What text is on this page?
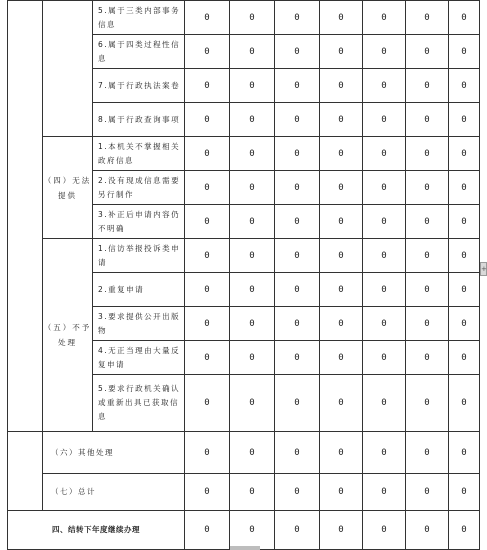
		5.属于三类内部事务信息	0	0	0	0	0	0	0
		6.属于四类过程性信息	0	0	0	0	0	0	0
		7.属于行政执法案卷	0	0	0	0	0	0	0
		8.属于行政查询事项	0	0	0	0	0	0	0
	（四）无法提供	1.本机关不掌握相关政府信息	0	0	0	0	0	0	0
		2.没有现成信息需要另行制作	0	0	0	0	0	0	0
		3.补正后申请内容仍不明确	0	0	0	0	0	0	0
	（五）不予处理	1.信访举报投诉类申请	0	0	0	0	0	0	0
		2.重复申请	0	0	0	0	0	0	0
		3.要求提供公开出版物	0	0	0	0	0	0	0
		4.无正当理由大量反复申请	0	0	0	0	0	0	0
		5.要求行政机关确认或重新出具已获取信息	0	0	0	0	0	0	0
	（六）其他处理		0	0	0	0	0	0	0
	（七）总计		0	0	0	0	0	0	0
四、结转下年度继续办理			0	0	0	0	0	0	0
+
